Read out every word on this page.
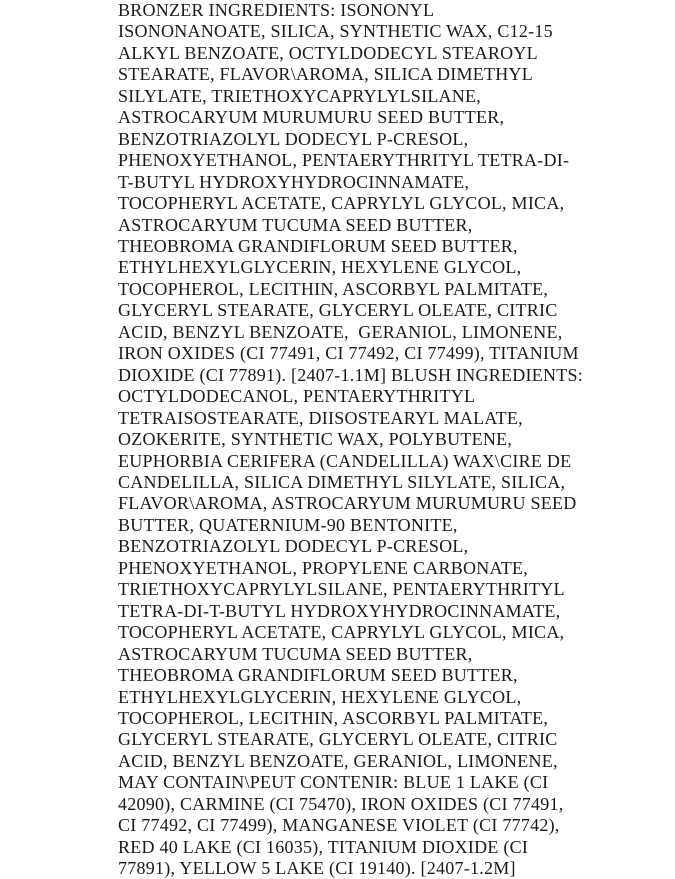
BRONZER INGREDIENTS: ISONONYL
ISONONANOATE, SILICA, SYNTHETIC WAX, C12-15
ALKYL BENZOATE, OCTYLDODECYL STEAROYL
STEARATE, FLAVOR\AROMA, SILICA DIMETHYL
SILYLATE, TRIETHOXYCAPRYLYLSILANE,
ASTROCARYUM MURUMURU SEED BUTTER,
BENZOTRIAZOLYL DODECYL P-CRESOL,
PHENOXYETHANOL, PENTAERYTHRITYL TETRA-DI-
T-BUTYL HYDROXYHYDROCINNAMATE,
TOCOPHERYL ACETATE, CAPRYLYL GLYCOL, MICA,
ASTROCARYUM TUCUMA SEED BUTTER,
THEOBROMA GRANDIFLORUM SEED BUTTER,
ETHYLHEXYLGLYCERIN, HEXYLENE GLYCOL,
TOCOPHEROL, LECITHIN, ASCORBYL PALMITATE,
GLYCERYL STEARATE, GLYCERYL OLEATE, CITRIC
ACID, BENZYL BENZOATE,  GERANIOL, LIMONENE,
IRON OXIDES (CI 77491, CI 77492, CI 77499), TITANIUM
DIOXIDE (CI 77891). [2407-1.1M] BLUSH INGREDIENTS:
OCTYLDODECANOL, PENTAERYTHRITYL
TETRAISOSTEARATE, DIISOSTEARYL MALATE,
OZOKERITE, SYNTHETIC WAX, POLYBUTENE,
EUPHORBIA CERIFERA (CANDELILLA) WAX\CIRE DE
CANDELILLA, SILICA DIMETHYL SILYLATE, SILICA,
FLAVOR\AROMA, ASTROCARYUM MURUMURU SEED
BUTTER, QUATERNIUM-90 BENTONITE,
BENZOTRIAZOLYL DODECYL P-CRESOL,
PHENOXYETHANOL, PROPYLENE CARBONATE,
TRIETHOXYCAPRYLYLSILANE, PENTAERYTHRITYL
TETRA-DI-T-BUTYL HYDROXYHYDROCINNAMATE,
TOCOPHERYL ACETATE, CAPRYLYL GLYCOL, MICA,
ASTROCARYUM TUCUMA SEED BUTTER,
THEOBROMA GRANDIFLORUM SEED BUTTER,
ETHYLHEXYLGLYCERIN, HEXYLENE GLYCOL,
TOCOPHEROL, LECITHIN, ASCORBYL PALMITATE,
GLYCERYL STEARATE, GLYCERYL OLEATE, CITRIC
ACID, BENZYL BENZOATE, GERANIOL, LIMONENE,
MAY CONTAIN\PEUT CONTENIR: BLUE 1 LAKE (CI
42090), CARMINE (CI 75470), IRON OXIDES (CI 77491,
CI 77492, CI 77499), MANGANESE VIOLET (CI 77742),
RED 40 LAKE (CI 16035), TITANIUM DIOXIDE (CI
77891), YELLOW 5 LAKE (CI 19140). [2407-1.2M]
